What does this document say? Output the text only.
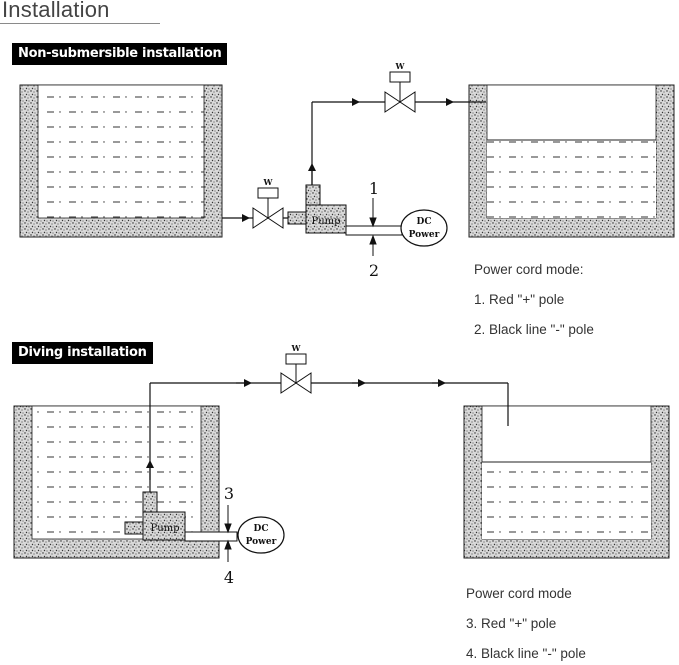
Installation
Non-submersible installation
Diving installation
W
W
Pump	DC
Power
1
2
W
Pump	DC
Power
3
4
Power cord mode:
1. Red "+" pole
2. Black line "-" pole
Power cord mode
3. Red "+" pole
4. Black line "-" pole
